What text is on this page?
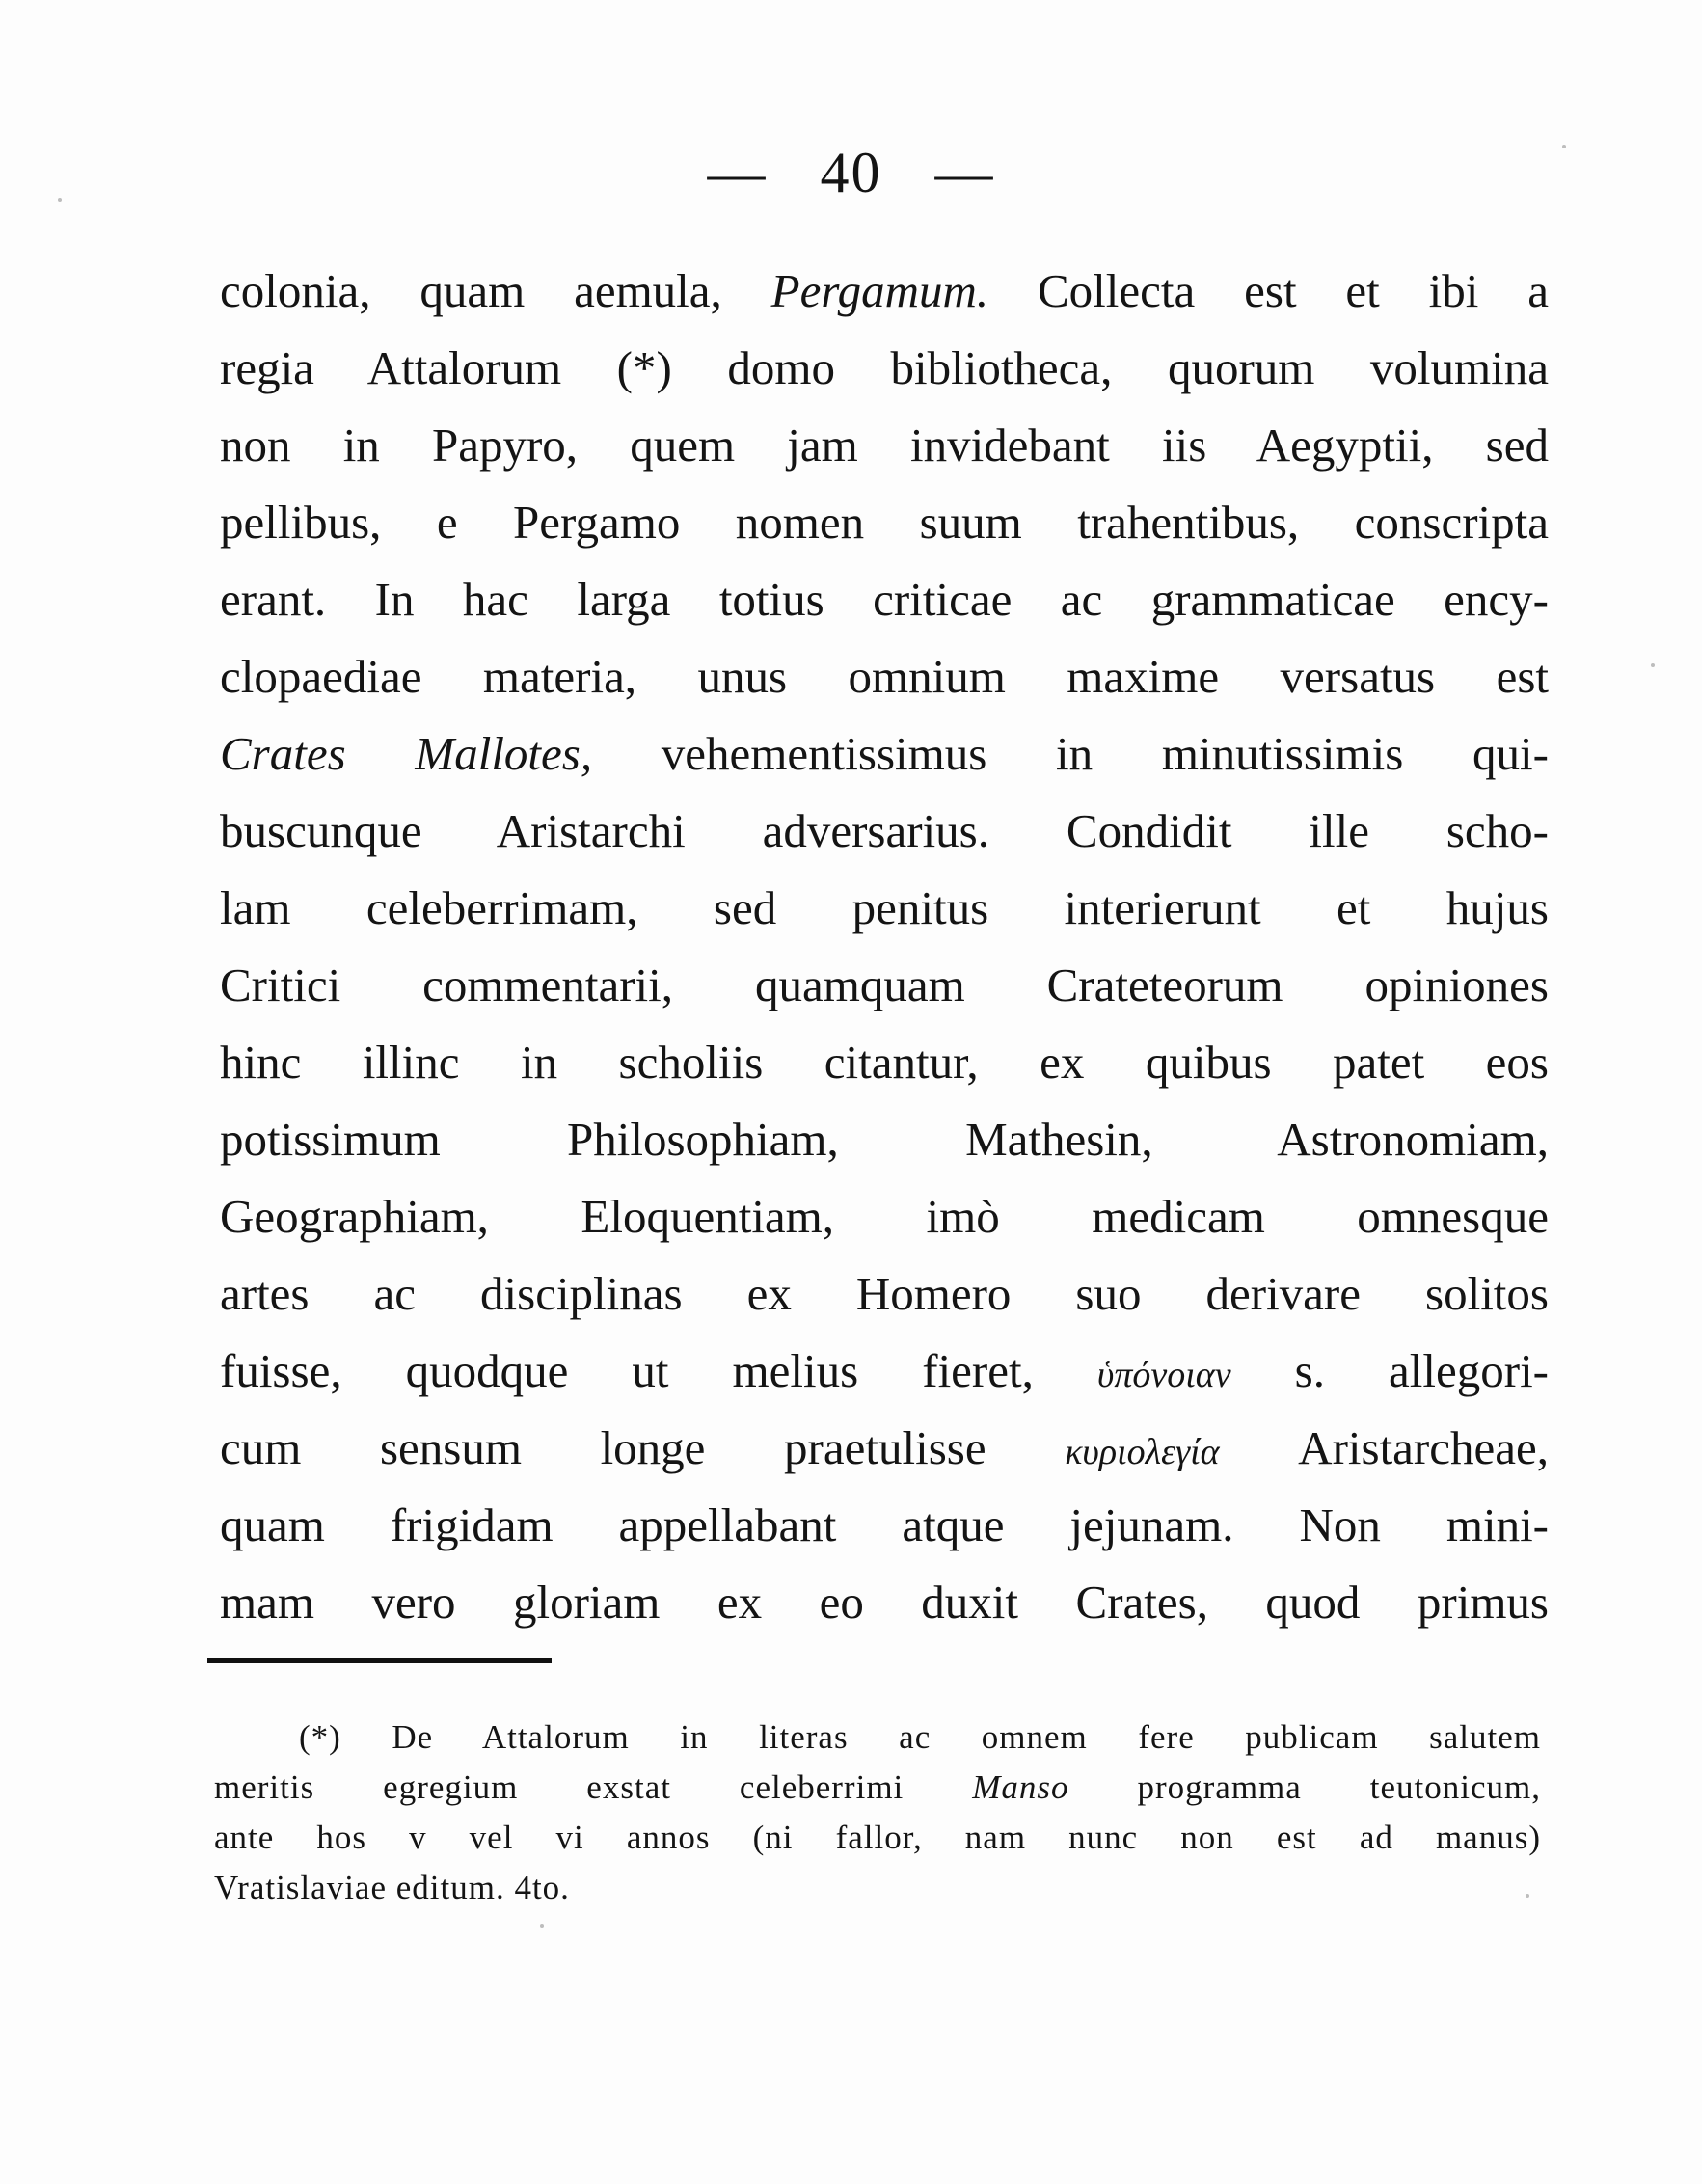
— 40 —
colonia, quam aemula, Pergamum. Collecta est et ibi a
regia Attalorum (*) domo bibliotheca, quorum volumina
non in Papyro, quem jam invidebant iis Aegyptii, sed
pellibus, e Pergamo nomen suum trahentibus, conscripta
erant. In hac larga totius criticae ac grammaticae ency-
clopaediae materia, unus omnium maxime versatus est
Crates Mallotes, vehementissimus in minutissimis qui-
buscunque Aristarchi adversarius. Condidit ille scho-
lam celeberrimam, sed penitus interierunt et hujus
Critici commentarii, quamquam Crateteorum opiniones
hinc illinc in scholiis citantur, ex quibus patet eos
potissimum Philosophiam, Mathesin, Astronomiam,
Geographiam, Eloquentiam, imò medicam omnesque
artes ac disciplinas ex Homero suo derivare solitos
fuisse, quodque ut melius fieret, ὑπόνοιαν s. allegori-
cum sensum longe praetulisse κυριολεγία Aristarcheae,
quam frigidam appellabant atque jejunam. Non mini-
mam vero gloriam ex eo duxit Crates, quod primus
(*) De Attalorum in literas ac omnem fere publicam salutem
meritis egregium exstat celeberrimi Manso programma teutonicum,
ante hos v vel vi annos (ni fallor, nam nunc non est ad manus)
Vratislaviae editum. 4to.
